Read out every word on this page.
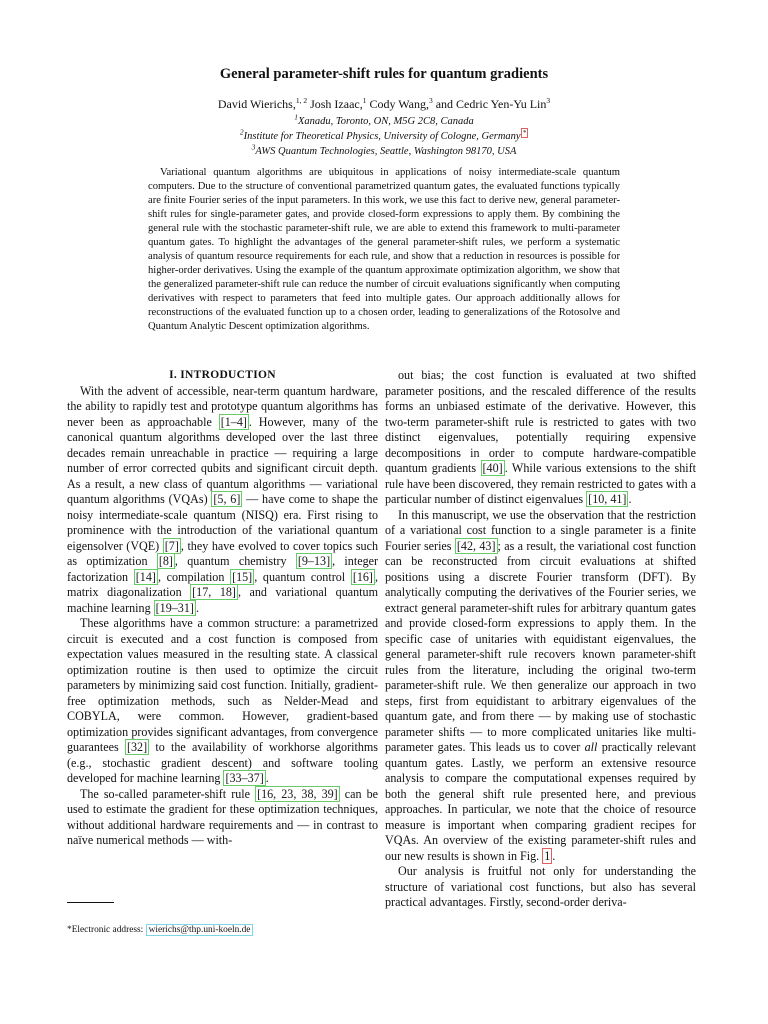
General parameter-shift rules for quantum gradients
David Wierichs,$^{1, 2}$ Josh Izaac,$^1$ Cody Wang,$^3$ and Cedric Yen-Yu Lin$^3$
$^1$Xanadu, Toronto, ON, M5G 2C8, Canada
$^2$Institute for Theoretical Physics, University of Cologne, Germany *
$^3$AWS Quantum Technologies, Seattle, Washington 98170, USA

Variational quantum algorithms are ubiquitous in applications of noisy intermediate-scale quantum computers. Due to the structure of conventional parametrized quantum gates, the evaluated functions typically are finite Fourier series of the input parameters. In this work, we use this fact to derive new, general parameter-shift rules for single-parameter gates, and provide closed-form expressions to apply them. By combining the general rule with the stochastic parameter-shift rule, we are able to extend this framework to multi-parameter quantum gates. To highlight the advantages of the general parameter-shift rules, we perform a systematic analysis of quantum resource requirements for each rule, and show that a reduction in resources is possible for higher-order derivatives. Using the example of the quantum approximate optimization algorithm, we show that the generalized parameter-shift rule can reduce the number of circuit evaluations significantly when computing derivatives with respect to parameters that feed into multiple gates. Our approach additionally allows for reconstructions of the evaluated function up to a chosen order, leading to generalizations of the Rotosolve and Quantum Analytic Descent optimization algorithms.

I. INTRODUCTION

With the advent of accessible, near-term quantum hardware, the ability to rapidly test and prototype quantum algorithms has never been as approachable [1–4] . However, many of the canonical quantum algorithms developed over the last three decades remain unreachable in practice — requiring a large number of error corrected qubits and significant circuit depth. As a result, a new class of quantum algorithms — variational quantum algorithms (VQAs) [5, 6] — have come to shape the noisy intermediate-scale quantum (NISQ) era. First rising to prominence with the introduction of the variational quantum eigensolver (VQE) [7] , they have evolved to cover topics such as optimization [8] , quantum chemistry [9–13] , integer factorization [14] , compilation [15] , quantum control [16] , matrix diagonalization [17, 18] , and variational quantum machine learning [19–31] .

These algorithms have a common structure: a parametrized circuit is executed and a cost function is composed from expectation values measured in the resulting state. A classical optimization routine is then used to optimize the circuit parameters by minimizing said cost function. Initially, gradient-free optimization methods, such as Nelder-Mead and COBYLA, were common. However, gradient-based optimization provides significant advantages, from convergence guarantees [32] to the availability of workhorse algorithms (e.g., stochastic gradient descent) and software tooling developed for machine learning [33–37] .

The so-called parameter-shift rule [16, 23, 38, 39] can be used to estimate the gradient for these optimization techniques, without additional hardware requirements and — in contrast to naïve numerical methods — with-

out bias; the cost function is evaluated at two shifted parameter positions, and the rescaled difference of the results forms an unbiased estimate of the derivative. However, this two-term parameter-shift rule is restricted to gates with two distinct eigenvalues, potentially requiring expensive decompositions in order to compute hardware-compatible quantum gradients [40] . While various extensions to the shift rule have been discovered, they remain restricted to gates with a particular number of distinct eigenvalues [10, 41] .

In this manuscript, we use the observation that the restriction of a variational cost function to a single parameter is a finite Fourier series [42, 43] ; as a result, the variational cost function can be reconstructed from circuit evaluations at shifted positions using a discrete Fourier transform (DFT). By analytically computing the derivatives of the Fourier series, we extract general parameter-shift rules for arbitrary quantum gates and provide closed-form expressions to apply them. In the specific case of unitaries with equidistant eigenvalues, the general parameter-shift rule recovers known parameter-shift rules from the literature, including the original two-term parameter-shift rule. We then generalize our approach in two steps, first from equidistant to arbitrary eigenvalues of the quantum gate, and from there — by making use of stochastic parameter shifts — to more complicated unitaries like multi-parameter gates. This leads us to cover all practically relevant quantum gates. Lastly, we perform an extensive resource analysis to compare the computational expenses required by both the general shift rule presented here, and previous approaches. In particular, we note that the choice of resource measure is important when comparing gradient recipes for VQAs. An overview of the existing parameter-shift rules and our new results is shown in Fig. 1 .

Our analysis is fruitful not only for understanding the structure of variational cost functions, but also has several practical advantages. Firstly, second-order deriva-

*Electronic address: wierichs@thp.uni-koeln.de
